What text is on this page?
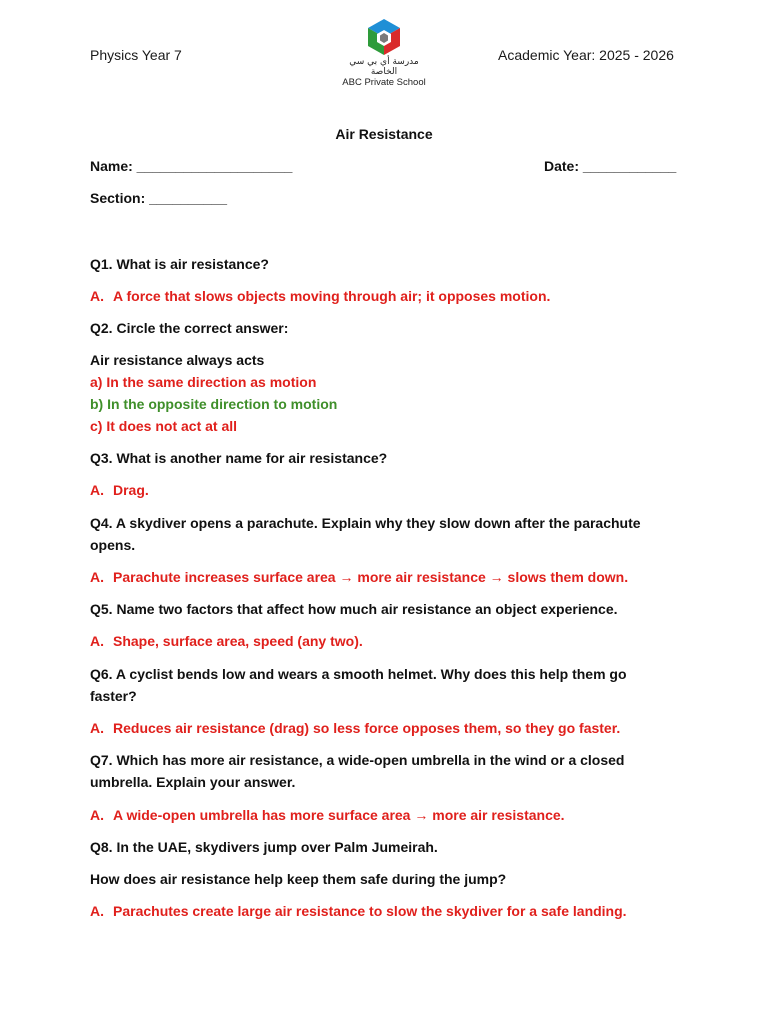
Physics Year 7	مدرسة أي بي سي الخاصة
ABC Private School
Academic Year: 2025 - 2026
Air Resistance
Name: ____________________	Date: ____________
Section: __________
Q1. What is air resistance?
A. A force that slows objects moving through air; it opposes motion.
Q2. Circle the correct answer:
Air resistance always acts
a) In the same direction as motion
b) In the opposite direction to motion
c) It does not act at all
Q3. What is another name for air resistance?
A. Drag.
Q4. A skydiver opens a parachute. Explain why they slow down after the parachute
opens.
A. Parachute increases surface area → more air resistance → slows them down.
Q5. Name two factors that affect how much air resistance an object experience.
A. Shape, surface area, speed (any two).
Q6. A cyclist bends low and wears a smooth helmet. Why does this help them go
faster?
A. Reduces air resistance (drag) so less force opposes them, so they go faster.
Q7. Which has more air resistance, a wide-open umbrella in the wind or a closed
umbrella. Explain your answer.
A. A wide-open umbrella has more surface area → more air resistance.
Q8. In the UAE, skydivers jump over Palm Jumeirah.
How does air resistance help keep them safe during the jump?
A. Parachutes create large air resistance to slow the skydiver for a safe landing.
